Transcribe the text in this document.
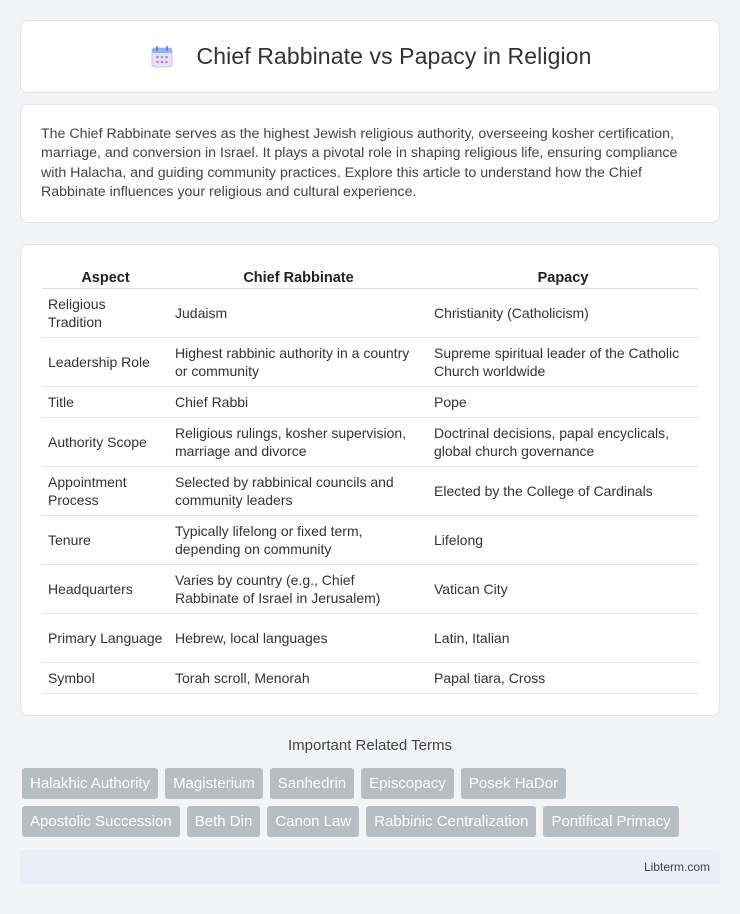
Chief Rabbinate vs Papacy in Religion

The Chief Rabbinate serves as the highest Jewish religious authority, overseeing kosher certification, marriage, and conversion in Israel. It plays a pivotal role in shaping religious life, ensuring compliance with Halacha, and guiding community practices. Explore this article to understand how the Chief Rabbinate influences your religious and cultural experience.

Aspect	Chief Rabbinate	Papacy
Religious Tradition	Judaism	Christianity (Catholicism)
Leadership Role	Highest rabbinic authority in a country or community	Supreme spiritual leader of the Catholic Church worldwide
Title	Chief Rabbi	Pope
Authority Scope	Religious rulings, kosher supervision, marriage and divorce	Doctrinal decisions, papal encyclicals, global church governance
Appointment Process	Selected by rabbinical councils and community leaders	Elected by the College of Cardinals
Tenure	Typically lifelong or fixed term, depending on community	Lifelong
Headquarters	Varies by country (e.g., Chief Rabbinate of Israel in Jerusalem)	Vatican City
Primary Language	Hebrew, local languages	Latin, Italian
Symbol	Torah scroll, Menorah	Papal tiara, Cross
Important Related Terms
Halakhic Authority	Magisterium	Sanhedrin	Episcopacy	Posek HaDor
Apostolic Succession	Beth Din	Canon Law	Rabbinic Centralization	Pontifical Primacy
Libterm.com
